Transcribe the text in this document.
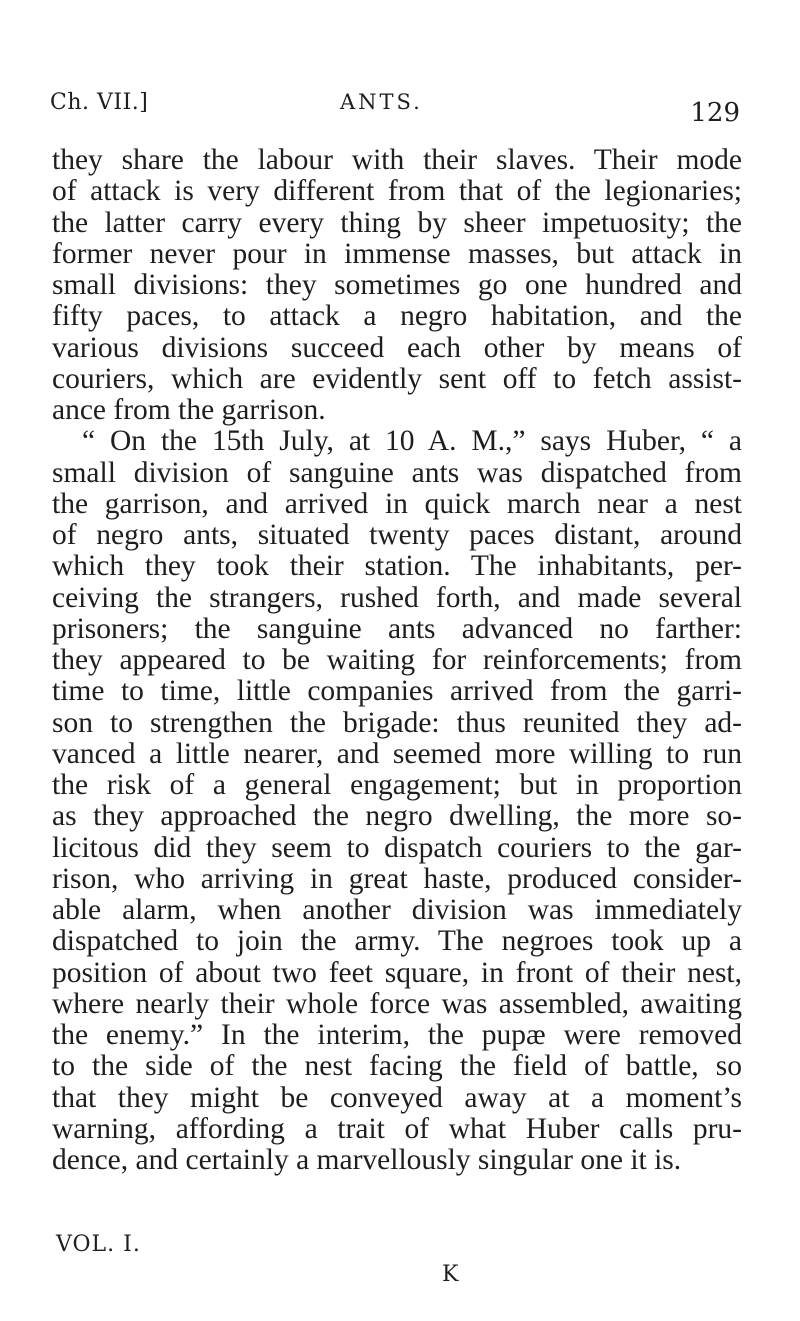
Ch. VII.]	ANTS.	129
they share the labour with their slaves. Their mode
of attack is very different from that of the legionaries;
the latter carry every thing by sheer impetuosity; the
former never pour in immense masses, but attack in
small divisions: they sometimes go one hundred and
fifty paces, to attack a negro habitation, and the
various divisions succeed each other by means of
couriers, which are evidently sent off to fetch assist-
ance from the garrison.
“ On the 15th July, at 10 A. M.,” says Huber, “ a
small division of sanguine ants was dispatched from
the garrison, and arrived in quick march near a nest
of negro ants, situated twenty paces distant, around
which they took their station. The inhabitants, per-
ceiving the strangers, rushed forth, and made several
prisoners; the sanguine ants advanced no farther:
they appeared to be waiting for reinforcements; from
time to time, little companies arrived from the garri-
son to strengthen the brigade: thus reunited they ad-
vanced a little nearer, and seemed more willing to run
the risk of a general engagement; but in proportion
as they approached the negro dwelling, the more so-
licitous did they seem to dispatch couriers to the gar-
rison, who arriving in great haste, produced consider-
able alarm, when another division was immediately
dispatched to join the army. The negroes took up a
position of about two feet square, in front of their nest,
where nearly their whole force was assembled, awaiting
the enemy.” In the interim, the pupæ were removed
to the side of the nest facing the field of battle, so
that they might be conveyed away at a moment’s
warning, affording a trait of what Huber calls pru-
dence, and certainly a marvellously singular one it is.
VOL. I.
K
